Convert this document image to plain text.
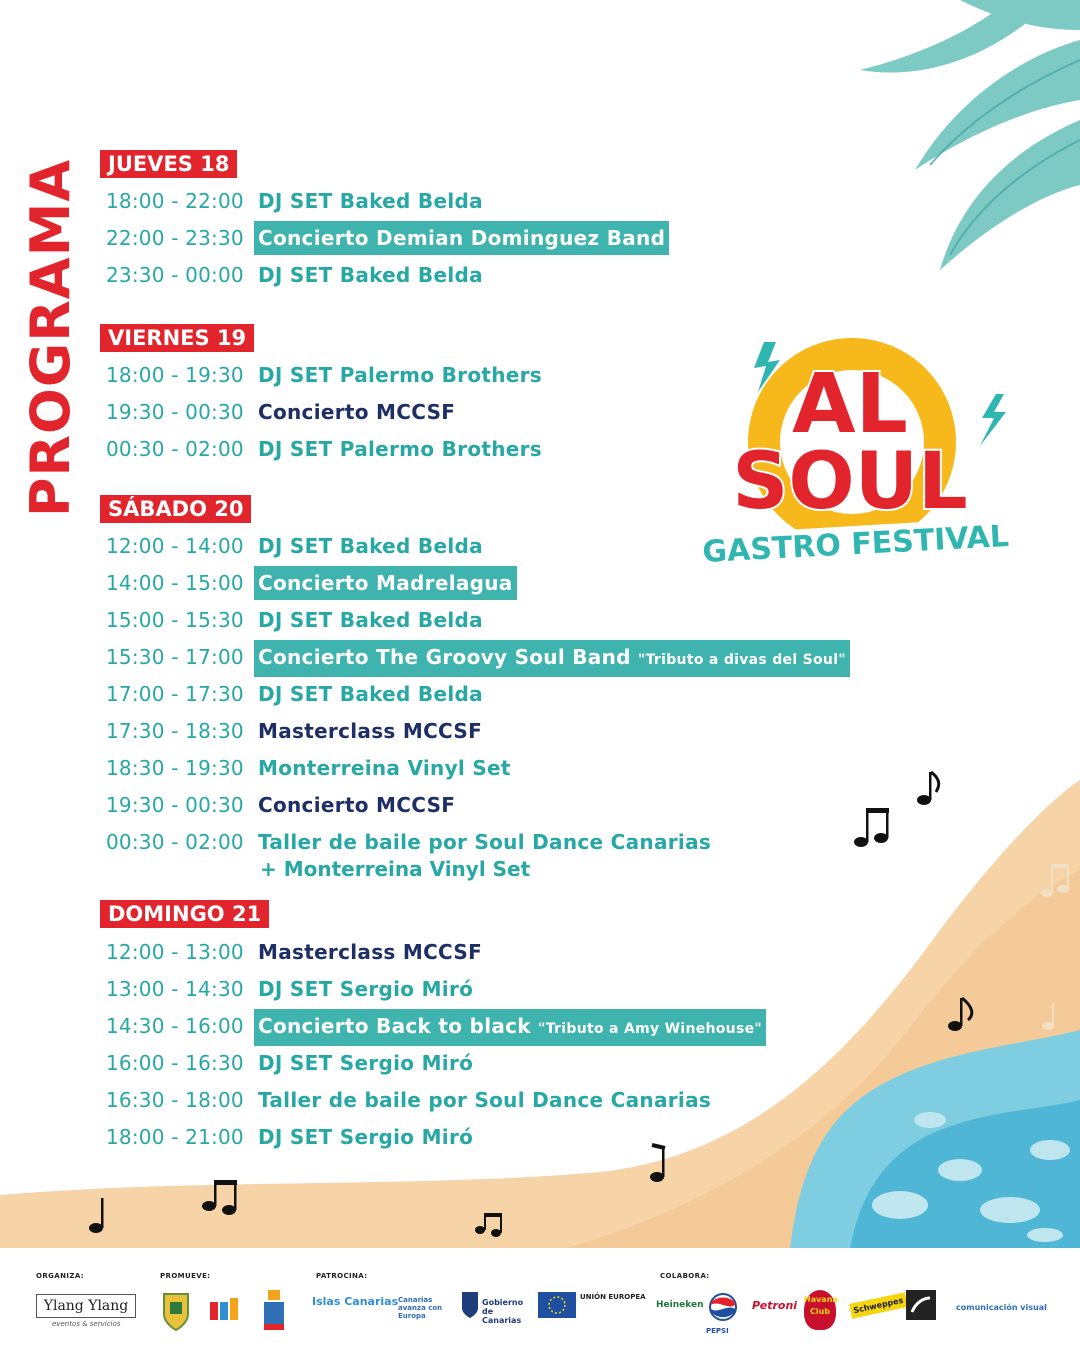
PROGRAMA	AL
SOUL
GASTRO FESTIVAL
JUEVES 18
18:00 - 22:00 DJ SET Baked Belda
22:00 - 23:30 Concierto Demian Dominguez Band
23:30 - 00:00 DJ SET Baked Belda
VIERNES 19
18:00 - 19:30 DJ SET Palermo Brothers
19:30 - 00:30 Concierto MCCSF
00:30 - 02:00 DJ SET Palermo Brothers
SÁBADO 20
12:00 - 14:00 DJ SET Baked Belda
14:00 - 15:00 Concierto Madrelagua
15:00 - 15:30 DJ SET Baked Belda
15:30 - 17:00 Concierto The Groovy Soul Band "Tributo a divas del Soul"
17:00 - 17:30 DJ SET Baked Belda
17:30 - 18:30 Masterclass MCCSF
18:30 - 19:30 Monterreina Vinyl Set
19:30 - 00:30 Concierto MCCSF
00:30 - 02:00 Taller de baile por Soul Dance Canarias
+ Monterreina Vinyl Set
DOMINGO 21
12:00 - 13:00 Masterclass MCCSF
13:00 - 14:30 DJ SET Sergio Miró
14:30 - 16:00 Concierto Back to black "Tributo a Amy Winehouse"
16:00 - 16:30 DJ SET Sergio Miró
16:30 - 18:00 Taller de baile por Soul Dance Canarias
18:00 - 21:00 DJ SET Sergio Miró
ORGANIZA:	PROMUEVE:	PATROCINA:	COLABORA:
Ylang Ylang
eventos & servicios
Islas Canarias Canarias avanza con Europa
Gobierno de Canarias
UNIÓN EUROPEA
Heineken
PEPSI
Petroni Havana Club	Schweppes	comunicación visual
